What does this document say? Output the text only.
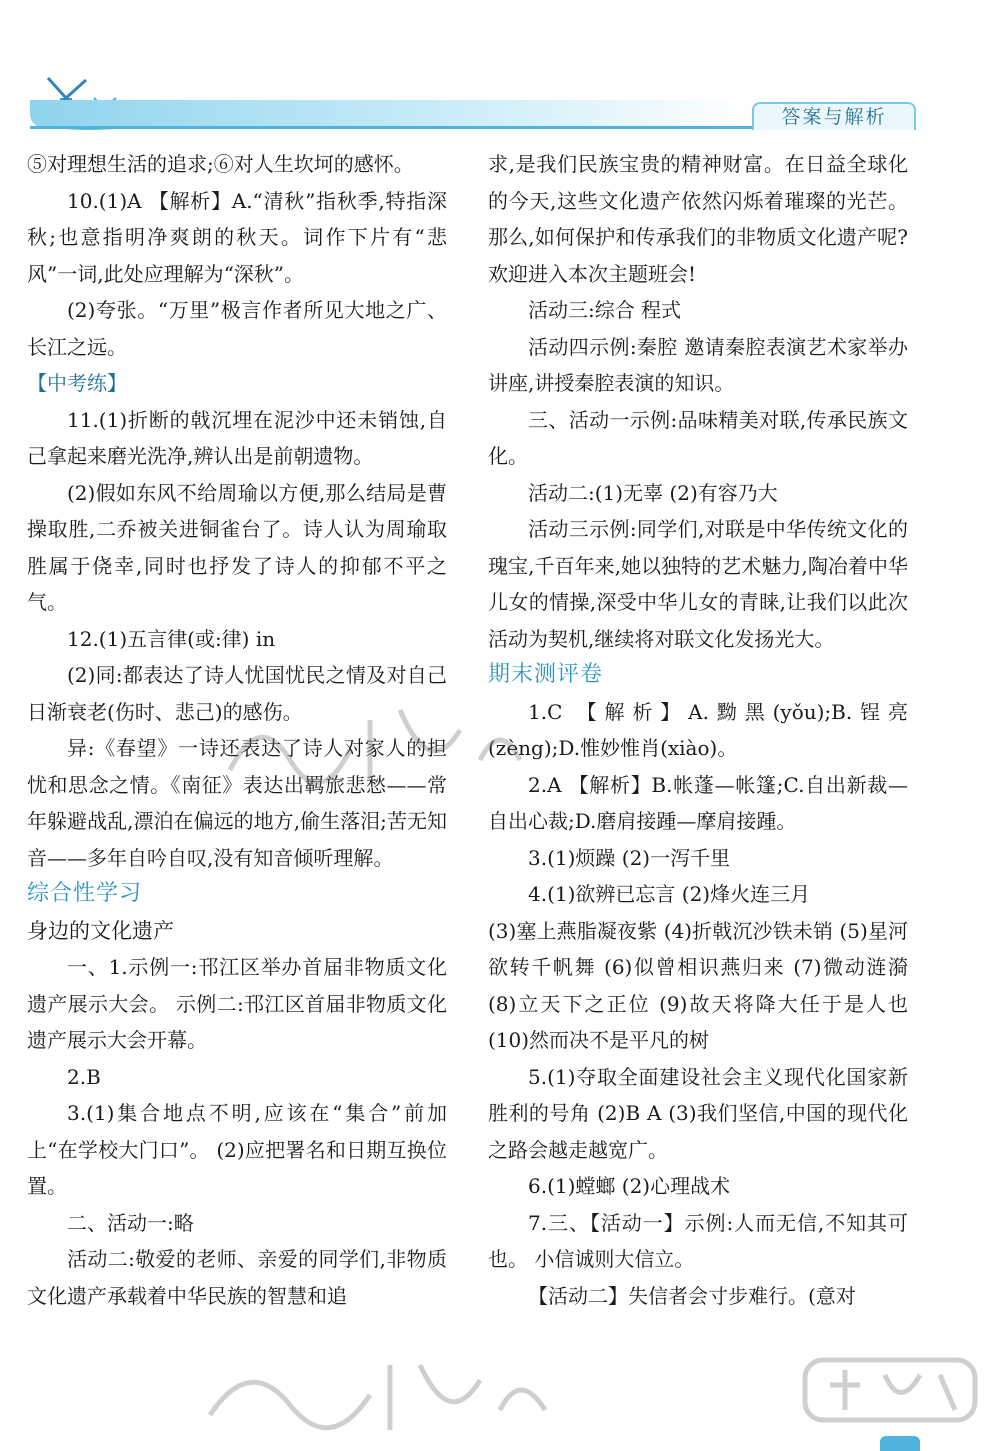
答案与解析

⑤对理想生活的追求;⑥对人生坎坷的感怀。

10.(1)A 【解析】A.“清秋”指秋季,特指深秋;也意指明净爽朗的秋天。词作下片有“悲风”一词,此处应理解为“深秋”。

(2)夸张。“万里”极言作者所见大地之广、长江之远。

【中考练】

11.(1)折断的戟沉埋在泥沙中还未销蚀,自己拿起来磨光洗净,辨认出是前朝遗物。

(2)假如东风不给周瑜以方便,那么结局是曹操取胜,二乔被关进铜雀台了。诗人认为周瑜取胜属于侥幸,同时也抒发了诗人的抑郁不平之气。

12.(1)五言律(或:律) in

(2)同:都表达了诗人忧国忧民之情及对自己日渐衰老(伤时、悲己)的感伤。

异:《春望》一诗还表达了诗人对家人的担忧和思念之情。《南征》表达出羁旅悲愁——常年躲避战乱,漂泊在偏远的地方,偷生落泪;苦无知音——多年自吟自叹,没有知音倾听理解。

综合性学习

身边的文化遗产

一、1.示例一:邗江区举办首届非物质文化遗产展示大会。 示例二:邗江区首届非物质文化遗产展示大会开幕。

2.B

3.(1)集合地点不明,应该在“集合”前加上“在学校大门口”。 (2)应把署名和日期互换位置。

二、活动一:略

活动二:敬爱的老师、亲爱的同学们,非物质文化遗产承载着中华民族的智慧和追

求,是我们民族宝贵的精神财富。在日益全球化的今天,这些文化遗产依然闪烁着璀璨的光芒。那么,如何保护和传承我们的非物质文化遗产呢?欢迎进入本次主题班会!

活动三:综合 程式

活动四示例:秦腔 邀请秦腔表演艺术家举办讲座,讲授秦腔表演的知识。

三、活动一示例:品味精美对联,传承民族文化。

活动二:(1)无辜 (2)有容乃大

活动三示例:同学们,对联是中华传统文化的瑰宝,千百年来,她以独特的艺术魅力,陶冶着中华儿女的情操,深受中华儿女的青睐,让我们以此次活动为契机,继续将对联文化发扬光大。

期末测评卷

1.C 【解析】A.黝黑(yǒu);B.锃亮(zèng);D.惟妙惟肖(xiào)。

2.A 【解析】B.帐蓬—帐篷;C.自出新裁—自出心裁;D.磨肩接踵—摩肩接踵。

3.(1)烦躁 (2)一泻千里

4.(1)欲辨已忘言 (2)烽火连三月

(3)塞上燕脂凝夜紫 (4)折戟沉沙铁未销 (5)星河欲转千帆舞 (6)似曾相识燕归来 (7)微动涟漪 (8)立天下之正位 (9)故天将降大任于是人也 (10)然而决不是平凡的树

5.(1)夺取全面建设社会主义现代化国家新胜利的号角 (2)B A (3)我们坚信,中国的现代化之路会越走越宽广。

6.(1)螳螂 (2)心理战术

7.三、【活动一】示例:人而无信,不知其可也。 小信诚则大信立。

【活动二】失信者会寸步难行。(意对
